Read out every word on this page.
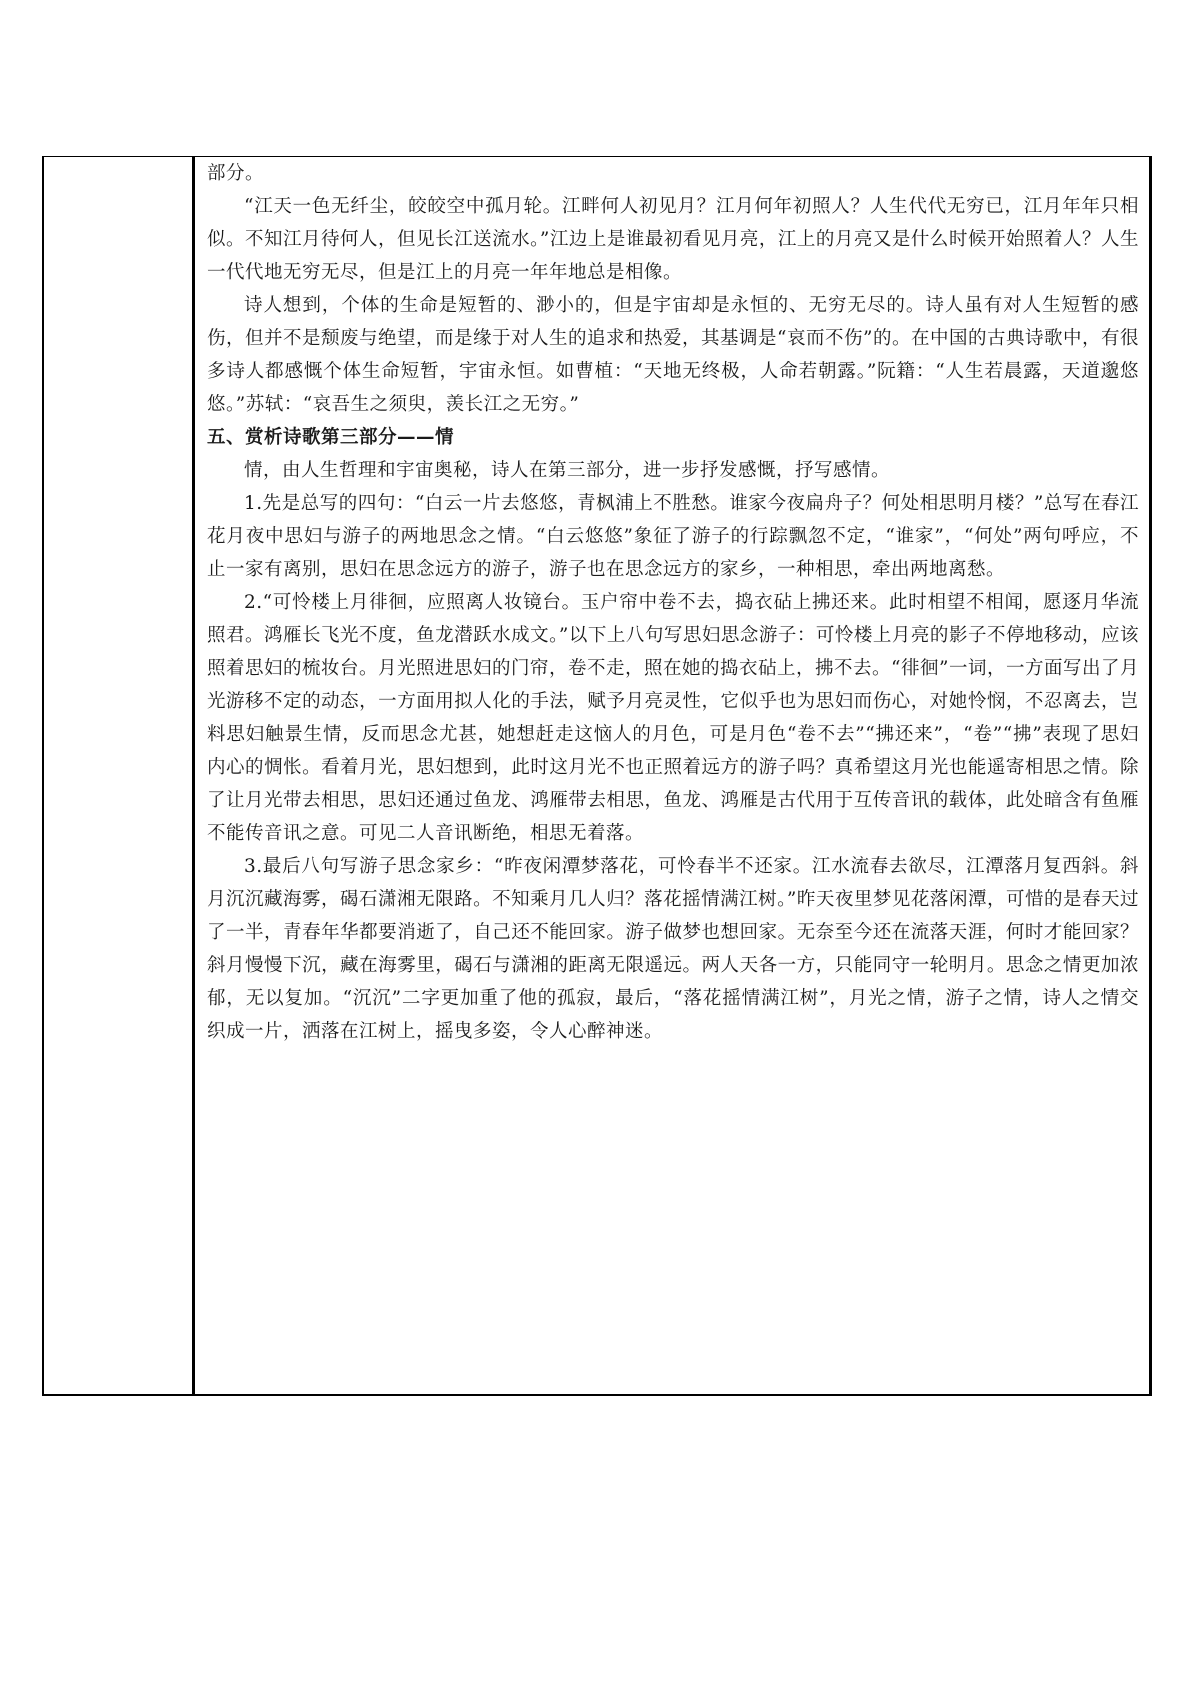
部分。

“江天一色无纤尘，皎皎空中孤月轮。江畔何人初见月？江月何年初照人？人生代代无穷已，江月年年只相似。不知江月待何人，但见长江送流水。”江边上是谁最初看见月亮，江上的月亮又是什么时候开始照着人？人生一代代地无穷无尽，但是江上的月亮一年年地总是相像。

诗人想到，个体的生命是短暂的、渺小的，但是宇宙却是永恒的、无穷无尽的。诗人虽有对人生短暂的感伤，但并不是颓废与绝望，而是缘于对人生的追求和热爱，其基调是“哀而不伤”的。在中国的古典诗歌中，有很多诗人都感慨个体生命短暂，宇宙永恒。如曹植：“天地无终极，人命若朝露。”阮籍：“人生若晨露，天道邈悠悠。”苏轼：“哀吾生之须臾，羡长江之无穷。”

五、赏析诗歌第三部分——情

情，由人生哲理和宇宙奥秘，诗人在第三部分，进一步抒发感慨，抒写感情。

1.先是总写的四句：“白云一片去悠悠，青枫浦上不胜愁。谁家今夜扁舟子？何处相思明月楼？”总写在春江花月夜中思妇与游子的两地思念之情。“白云悠悠”象征了游子的行踪飘忽不定，“谁家”，“何处”两句呼应，不止一家有离别，思妇在思念远方的游子，游子也在思念远方的家乡，一种相思，牵出两地离愁。

2.“可怜楼上月徘徊，应照离人妆镜台。玉户帘中卷不去，捣衣砧上拂还来。此时相望不相闻，愿逐月华流照君。鸿雁长飞光不度，鱼龙潜跃水成文。”以下上八句写思妇思念游子：可怜楼上月亮的影子不停地移动，应该照着思妇的梳妆台。月光照进思妇的门帘，卷不走，照在她的捣衣砧上，拂不去。“徘徊”一词，一方面写出了月光游移不定的动态，一方面用拟人化的手法，赋予月亮灵性，它似乎也为思妇而伤心，对她怜悯，不忍离去，岂料思妇触景生情，反而思念尤甚，她想赶走这恼人的月色，可是月色“卷不去”“拂还来”，“卷”“拂”表现了思妇内心的惆怅。看着月光，思妇想到，此时这月光不也正照着远方的游子吗？真希望这月光也能遥寄相思之情。除了让月光带去相思，思妇还通过鱼龙、鸿雁带去相思，鱼龙、鸿雁是古代用于互传音讯的载体，此处暗含有鱼雁不能传音讯之意。可见二人音讯断绝，相思无着落。

3.最后八句写游子思念家乡：“昨夜闲潭梦落花，可怜春半不还家。江水流春去欲尽，江潭落月复西斜。斜月沉沉藏海雾，碣石潇湘无限路。不知乘月几人归？落花摇情满江树。”昨天夜里梦见花落闲潭，可惜的是春天过了一半，青春年华都要消逝了，自己还不能回家。游子做梦也想回家。无奈至今还在流落天涯，何时才能回家？斜月慢慢下沉，藏在海雾里，碣石与潇湘的距离无限遥远。两人天各一方，只能同守一轮明月。思念之情更加浓郁，无以复加。“沉沉”二字更加重了他的孤寂，最后，“落花摇情满江树”，月光之情，游子之情，诗人之情交织成一片，洒落在江树上，摇曳多姿，令人心醉神迷。
